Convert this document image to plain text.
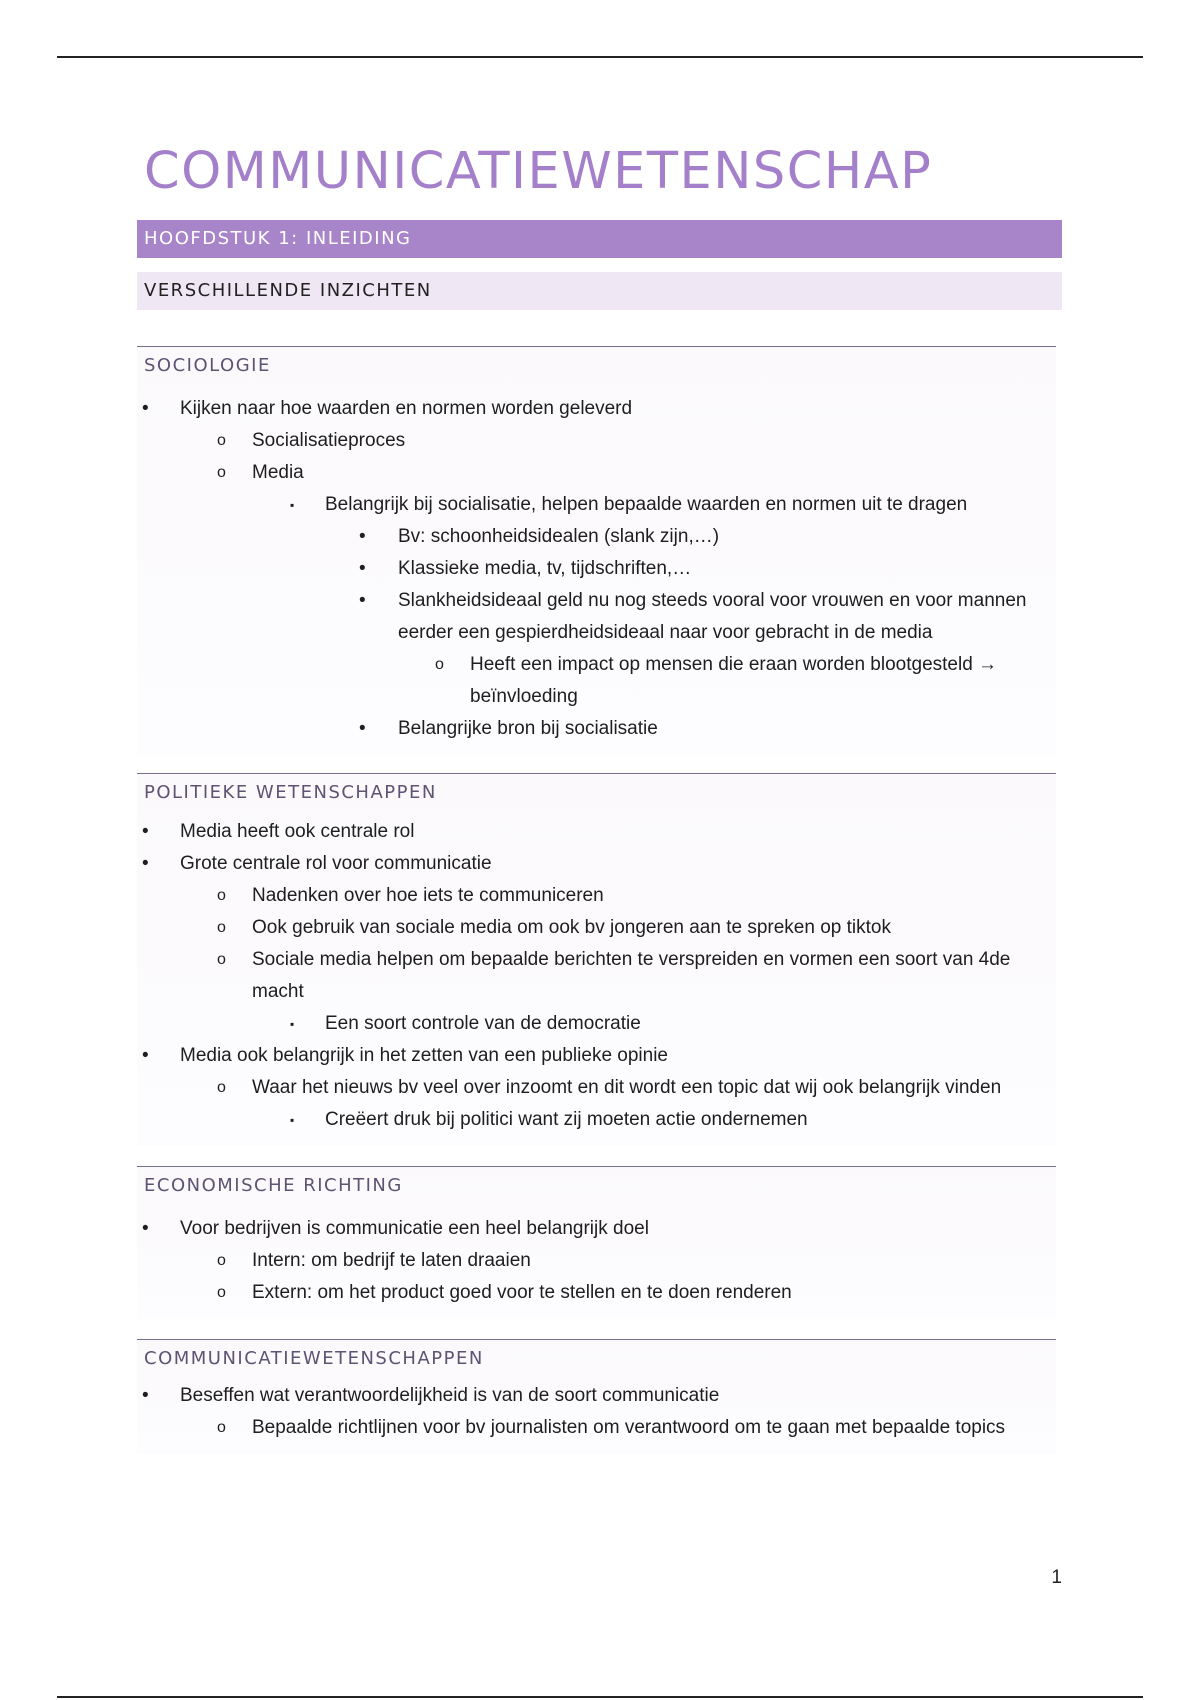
COMMUNICATIEWETENSCHAP
HOOFDSTUK 1: INLEIDING
VERSCHILLENDE INZICHTEN
SOCIOLOGIE
• Kijken naar hoe waarden en normen worden geleverd
o Socialisatieproces
o Media
▪ Belangrijk bij socialisatie, helpen bepaalde waarden en normen uit te dragen
• Bv: schoonheidsidealen (slank zijn,…)
• Klassieke media, tv, tijdschriften,…
• Slankheidsideaal geld nu nog steeds vooral voor vrouwen en voor mannen eerder een gespierdheidsideaal naar voor gebracht in de media
o Heeft een impact op mensen die eraan worden blootgesteld → beïnvloeding
• Belangrijke bron bij socialisatie
POLITIEKE WETENSCHAPPEN
• Media heeft ook centrale rol
• Grote centrale rol voor communicatie
o Nadenken over hoe iets te communiceren
o Ook gebruik van sociale media om ook bv jongeren aan te spreken op tiktok
o Sociale media helpen om bepaalde berichten te verspreiden en vormen een soort van 4de macht
▪ Een soort controle van de democratie
• Media ook belangrijk in het zetten van een publieke opinie
o Waar het nieuws bv veel over inzoomt en dit wordt een topic dat wij ook belangrijk vinden
▪ Creëert druk bij politici want zij moeten actie ondernemen
ECONOMISCHE RICHTING
• Voor bedrijven is communicatie een heel belangrijk doel
o Intern: om bedrijf te laten draaien
o Extern: om het product goed voor te stellen en te doen renderen
COMMUNICATIEWETENSCHAPPEN
• Beseffen wat verantwoordelijkheid is van de soort communicatie
o Bepaalde richtlijnen voor bv journalisten om verantwoord om te gaan met bepaalde topics
1
